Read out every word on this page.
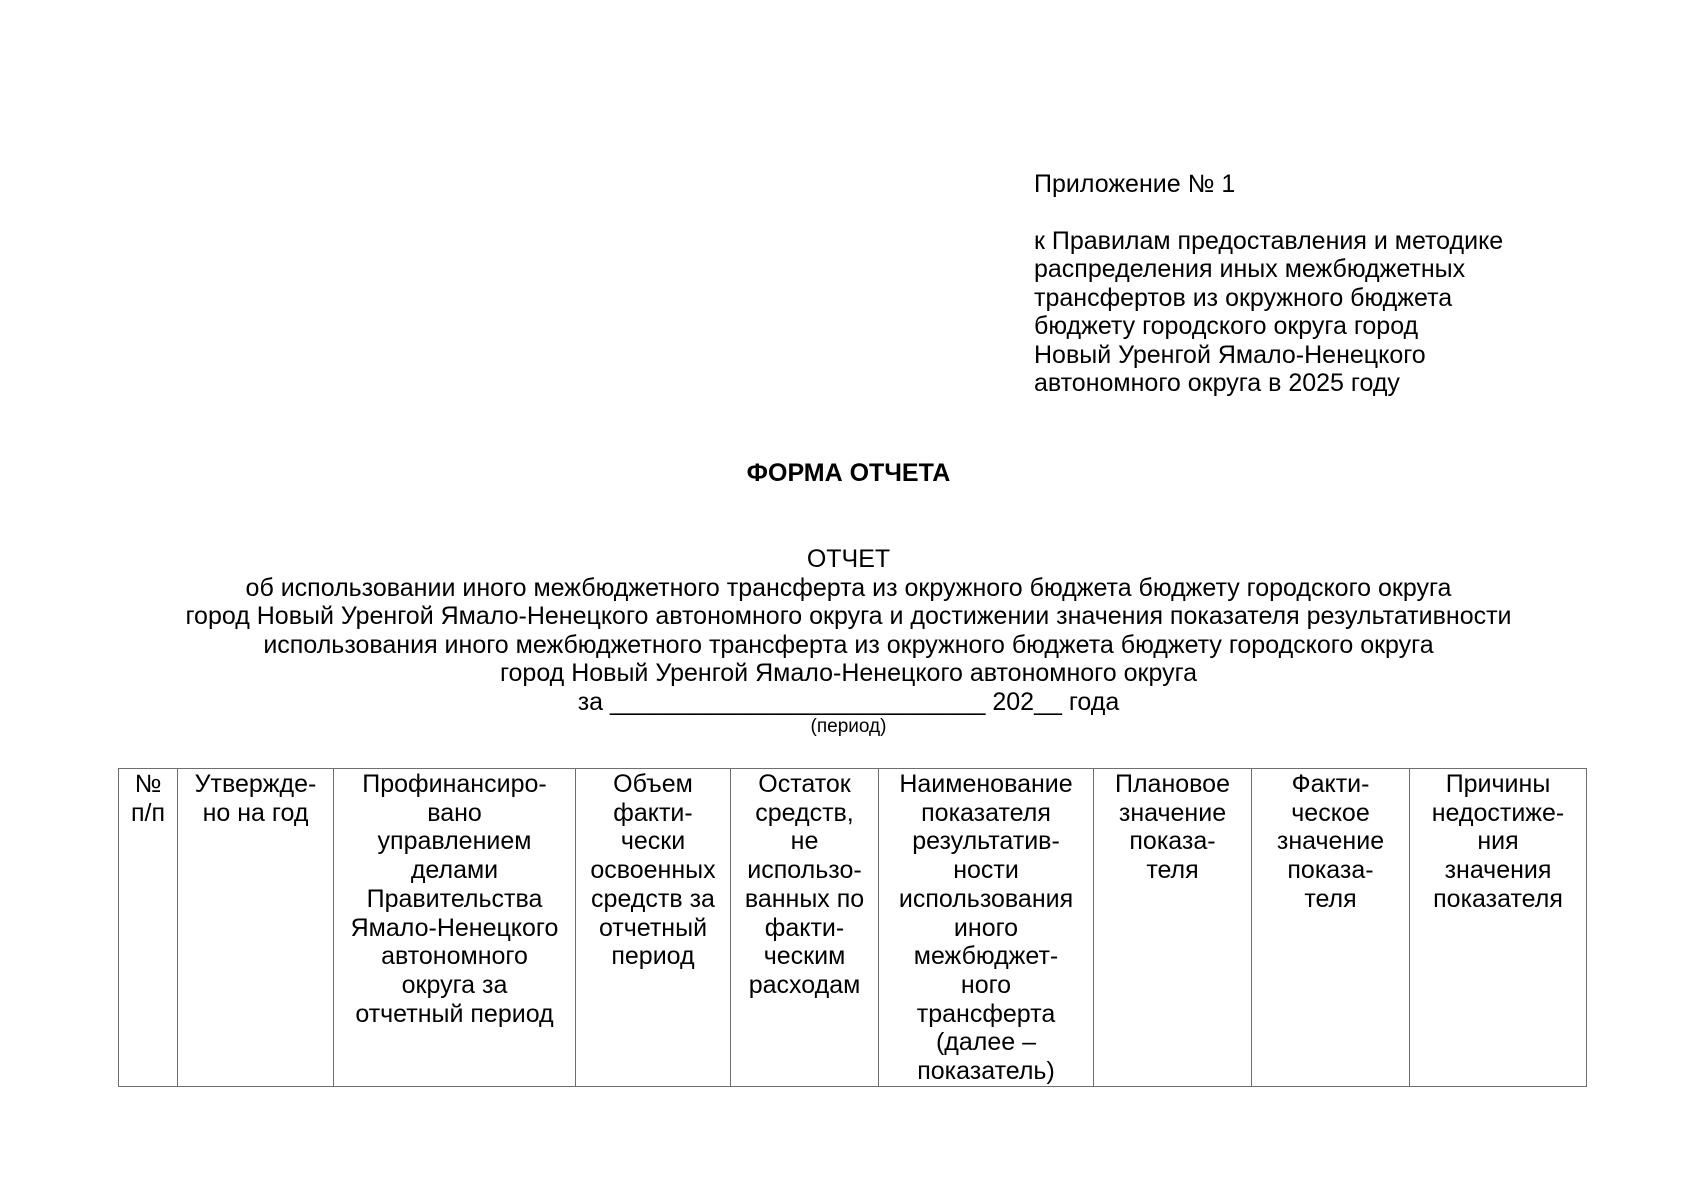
Приложение № 1

к Правилам предоставления и методике
распределения иных межбюджетных
трансфертов из окружного бюджета
бюджету городского округа город
Новый Уренгой Ямало-Ненецкого
автономного округа в 2025 году
ФОРМА ОТЧЕТА
ОТЧЕТ
об использовании иного межбюджетного трансферта из окружного бюджета бюджету городского округа
город Новый Уренгой Ямало-Ненецкого автономного округа и достижении значения показателя результативности
использования иного межбюджетного трансферта из окружного бюджета бюджету городского округа
город Новый Уренгой Ямало-Ненецкого автономного округа
за ___________________________ 202__ года
(период)
№
п/п

Утвержде-
но на год

Профинансиро-
вано
управлением
делами
Правительства
Ямало-Ненецкого
автономного
округа за
отчетный период

Объем
факти-
чески
освоенных
средств за
отчетный
период

Остаток
средств,
не
использо-
ванных по
факти-
ческим
расходам

Наименование
показателя
результатив-
ности
использования
иного
межбюджет-
ного
трансферта
(далее –
показатель)

Плановое
значение
показа-
теля

Факти-
ческое
значение
показа-
теля

Причины
недостиже-
ния
значения
показателя
